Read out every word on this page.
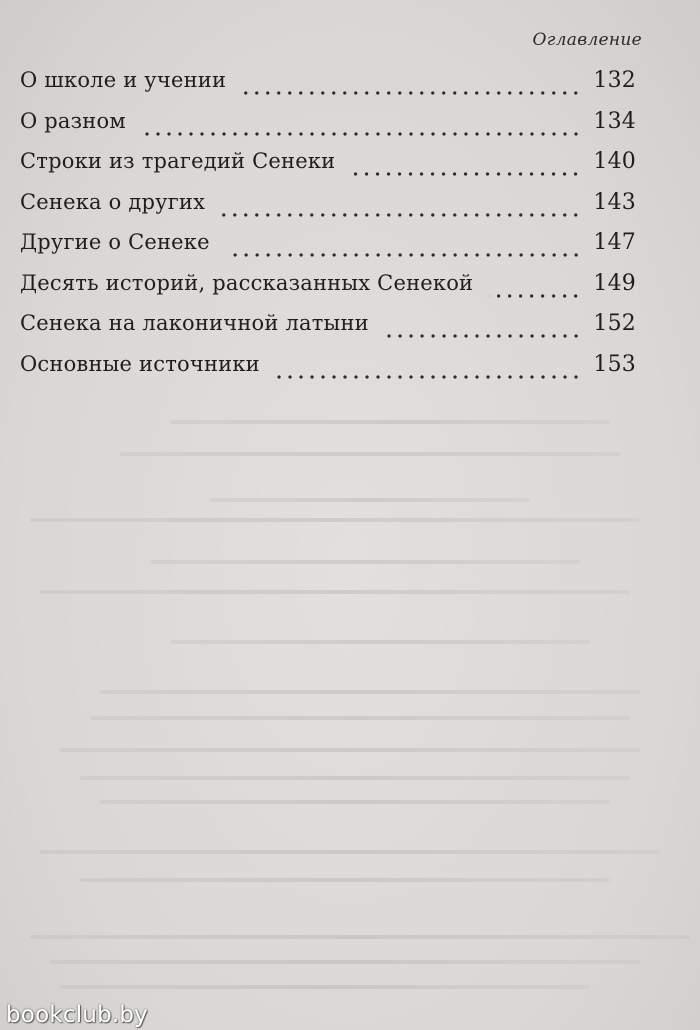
Оглавление
О школе и учении	132
О разном	134
Строки из трагедий Сенеки	140
Сенека о других	143
Другие о Сенеке	147
Десять историй, рассказанных Сенекой	149
Сенека на лаконичной латыни	152
Основные источники	153
bookclub.by
